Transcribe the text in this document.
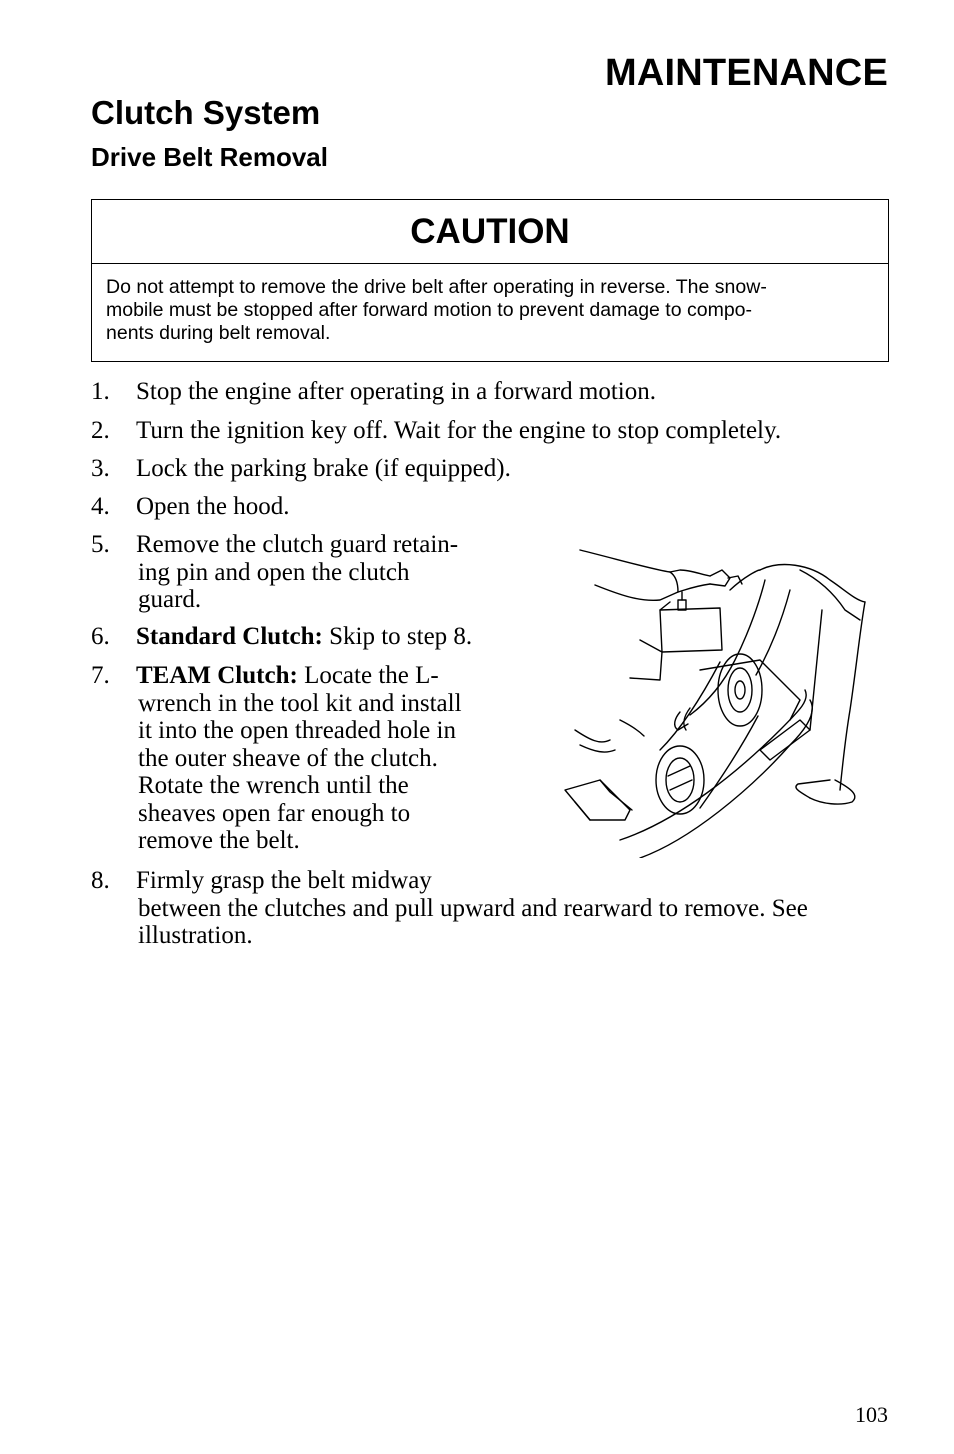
MAINTENANCE
Clutch System
Drive Belt Removal
CAUTION
Do not attempt to remove the drive belt after operating in reverse. The snow-
mobile must be stopped after forward motion to prevent damage to compo-
nents during belt removal.
1. Stop the engine after operating in a forward motion.
2. Turn the ignition key off. Wait for the engine to stop completely.
3. Lock the parking brake (if equipped).
4. Open the hood.
5. Remove the clutch guard retain-
ing pin and open the clutch
guard.
6. Standard Clutch: Skip to step 8.
7. TEAM Clutch: Locate the L-
wrench in the tool kit and install
it into the open threaded hole in
the outer sheave of the clutch.
Rotate the wrench until the
sheaves open far enough to
remove the belt.
8. Firmly grasp the belt midway
between the clutches and pull upward and rearward to remove. See
illustration.
103
